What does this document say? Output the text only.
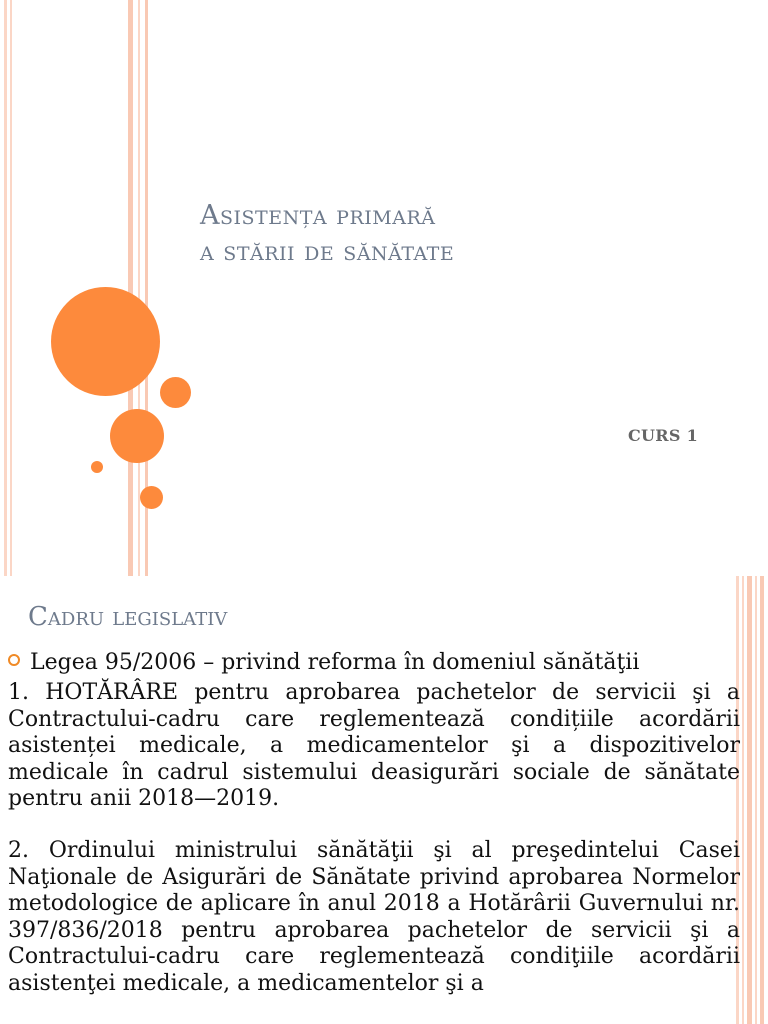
Asistența primară
a stării de sănătate
CURS 1
Cadru legislativ
Legea 95/2006 – privind reforma în domeniul sănătăţii
1. HOTĂRÂRE pentru aprobarea pachetelor de servicii şi a Contractului-cadru care reglementează condițiile acordării asistenței medicale, a medicamentelor şi a dispozitivelor medicale în cadrul sistemului deasigurări sociale de sănătate pentru anii 2018—2019.
2. Ordinului ministrului sănătăţii şi al preşedintelui Casei Naţionale de Asigurări de Sănătate privind aprobarea Normelor metodologice de aplicare în anul 2018 a Hotărârii Guvernului nr. 397/836/2018 pentru aprobarea pachetelor de servicii şi a Contractului-cadru care reglementează condiţiile acordării asistenţei medicale, a medicamentelor şi a
